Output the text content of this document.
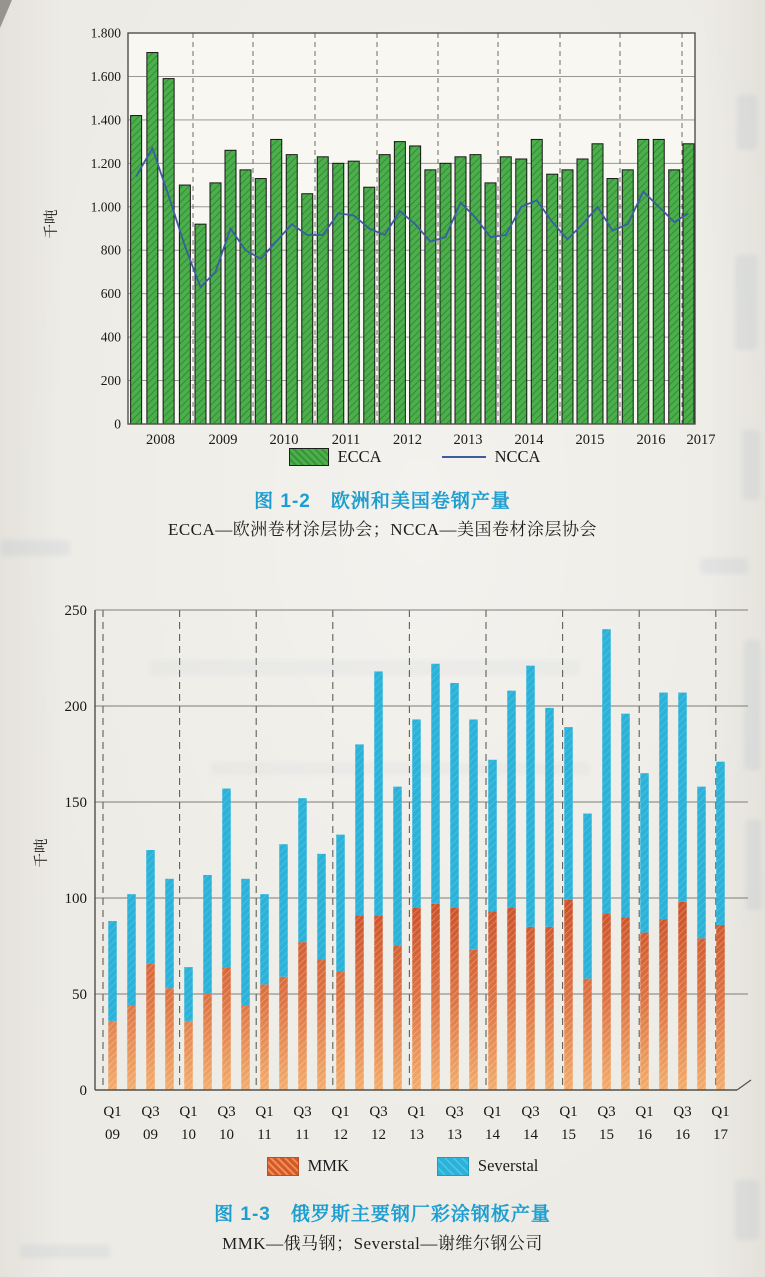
0
200
400
600
800
1.000
1.200
1.400
1.600
1.800
2008 2009 2010 2011 2012 2013 2014 2015 2016 2017
千吨
ECCA	NCCA
图 1-2　欧洲和美国卷钢产量

ECCA—欧洲卷材涂层协会；NCCA—美国卷材涂层协会

0
50
100
150
200
250
Q1
09
Q3
09
Q1
10
Q3
10
Q1
11
Q3
11
Q1
12
Q3
12
Q1
13
Q3
13
Q1
14
Q3
14
Q1
15
Q3
15
Q1
16
Q3
16
Q1
17
千吨
MMK	Severstal
图 1-3　俄罗斯主要钢厂彩涂钢板产量

MMK—俄马钢；Severstal—谢维尔钢公司
